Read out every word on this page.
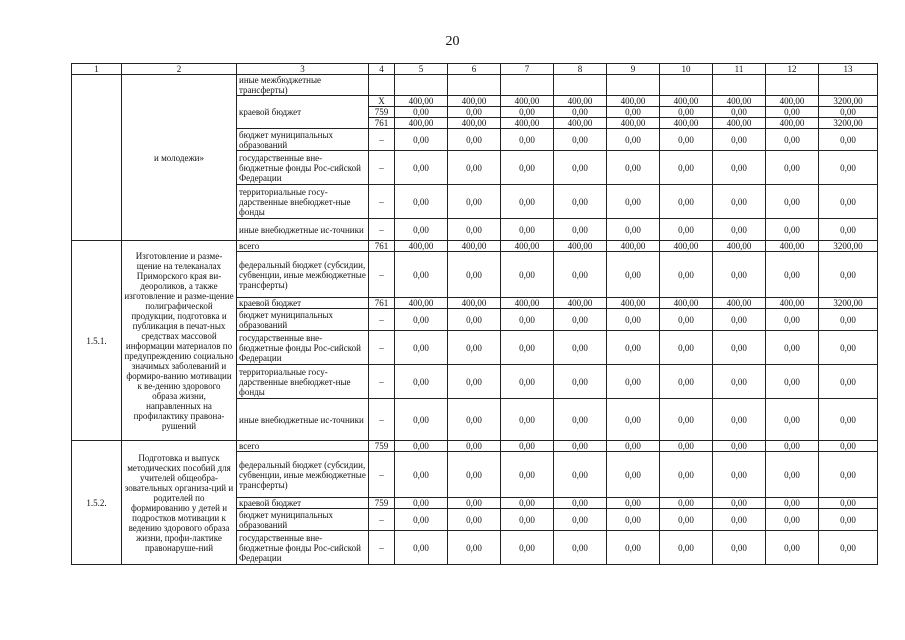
20
1	2	3	4	5	6	7	8	9	10	11	12	13
	и молодежи»	иные межбюджетные трансферты)										
		краевой бюджет	X	400,00	400,00	400,00	400,00	400,00	400,00	400,00	400,00	3200,00
			759	0,00	0,00	0,00	0,00	0,00	0,00	0,00	0,00	0,00
			761	400,00	400,00	400,00	400,00	400,00	400,00	400,00	400,00	3200,00
		бюджет муниципальных образований	–	0,00	0,00	0,00	0,00	0,00	0,00	0,00	0,00	0,00
		государственные вне-бюджетные фонды Рос-сийской Федерации	–	0,00	0,00	0,00	0,00	0,00	0,00	0,00	0,00	0,00
		территориальные госу-дарственные внебюджет-ные фонды	–	0,00	0,00	0,00	0,00	0,00	0,00	0,00	0,00	0,00
		иные внебюджетные ис-точники	–	0,00	0,00	0,00	0,00	0,00	0,00	0,00	0,00	0,00
1.5.1.	Изготовление и разме-щение на телеканалах Приморского края ви-деороликов, а также изготовление и разме-щение полиграфической продукции, подготовка и публикация в печат-ных средствах массовой информации материалов по предупреждению социально значимых заболеваний и формиро-ванию мотивации к ве-дению здорового образа жизни, направленных на профилактику правона-рушений	всего	761	400,00	400,00	400,00	400,00	400,00	400,00	400,00	400,00	3200,00
		федеральный бюджет (субсидии, субвенции, иные межбюджетные трансферты)	–	0,00	0,00	0,00	0,00	0,00	0,00	0,00	0,00	0,00
		краевой бюджет	761	400,00	400,00	400,00	400,00	400,00	400,00	400,00	400,00	3200,00
		бюджет муниципальных образований	–	0,00	0,00	0,00	0,00	0,00	0,00	0,00	0,00	0,00
		государственные вне-бюджетные фонды Рос-сийской Федерации	–	0,00	0,00	0,00	0,00	0,00	0,00	0,00	0,00	0,00
		территориальные госу-дарственные внебюджет-ные фонды	–	0,00	0,00	0,00	0,00	0,00	0,00	0,00	0,00	0,00
		иные внебюджетные ис-точники	–	0,00	0,00	0,00	0,00	0,00	0,00	0,00	0,00	0,00
1.5.2.	Подготовка и выпуск методических пособий для учителей общеобра-зовательных организа-ций и родителей по формированию у детей и подростков мотивации к ведению здорового образа жизни, профи-лактике правонаруше-ний	всего	759	0,00	0,00	0,00	0,00	0,00	0,00	0,00	0,00	0,00
		федеральный бюджет (субсидии, субвенции, иные межбюджетные трансферты)	–	0,00	0,00	0,00	0,00	0,00	0,00	0,00	0,00	0,00
		краевой бюджет	759	0,00	0,00	0,00	0,00	0,00	0,00	0,00	0,00	0,00
		бюджет муниципальных образований	–	0,00	0,00	0,00	0,00	0,00	0,00	0,00	0,00	0,00
		государственные вне-бюджетные фонды Рос-сийской Федерации	–	0,00	0,00	0,00	0,00	0,00	0,00	0,00	0,00	0,00
